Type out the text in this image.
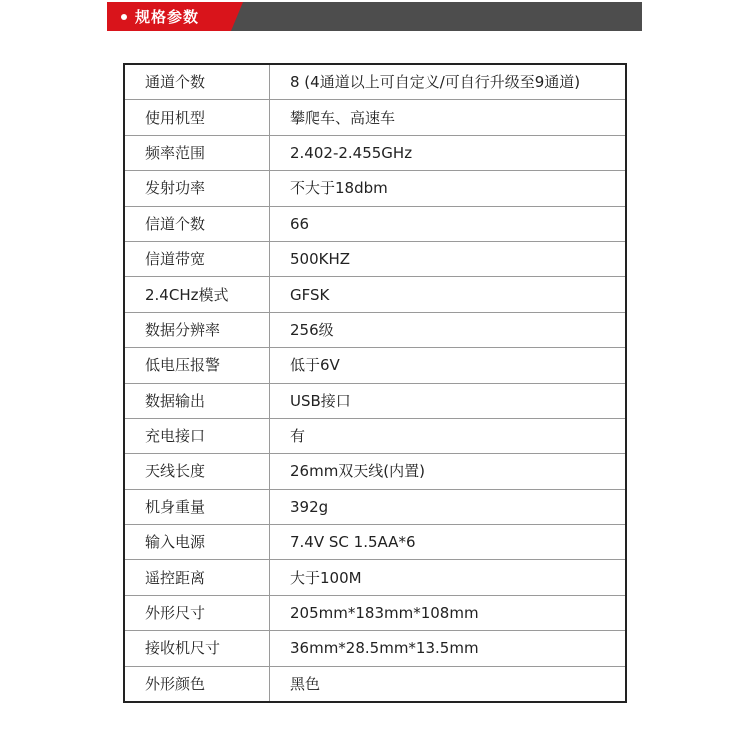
规格参数
通道个数	8 (4通道以上可自定义/可自行升级至9通道)
使用机型	攀爬车、高速车
频率范围	2.402-2.455GHz
发射功率	不大于18dbm
信道个数	66
信道带宽	500KHZ
2.4CHz模式	GFSK
数据分辨率	256级
低电压报警	低于6V
数据输出	USB接口
充电接口	有
天线长度	26mm双天线(内置)
机身重量	392g
输入电源	7.4V SC 1.5AA*6
遥控距离	大于100M
外形尺寸	205mm*183mm*108mm
接收机尺寸	36mm*28.5mm*13.5mm
外形颜色	黑色
